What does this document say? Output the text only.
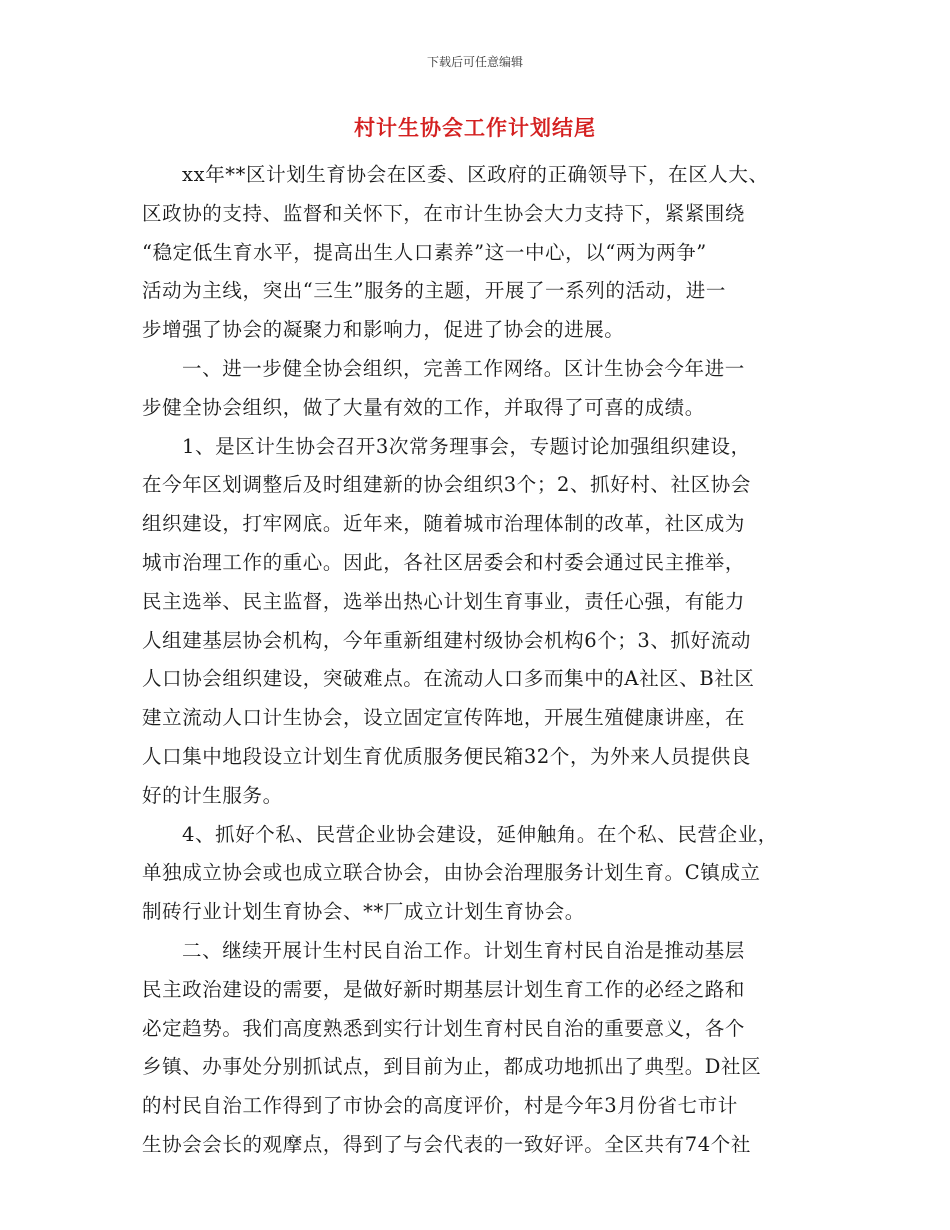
下载后可任意编辑
村计生协会工作计划结尾
xx年**区计划生育协会在区委、区政府的正确领导下，在区人大、
区政协的支持、监督和关怀下，在市计生协会大力支持下，紧紧围绕
“稳定低生育水平，提高出生人口素养”这一中心，以“两为两争”
活动为主线，突出“三生”服务的主题，开展了一系列的活动，进一
步增强了协会的凝聚力和影响力，促进了协会的进展。
一、进一步健全协会组织，完善工作网络。区计生协会今年进一
步健全协会组织，做了大量有效的工作，并取得了可喜的成绩。
1、是区计生协会召开3次常务理事会，专题讨论加强组织建设，
在今年区划调整后及时组建新的协会组织3个；2、抓好村、社区协会
组织建设，打牢网底。近年来，随着城市治理体制的改革，社区成为
城市治理工作的重心。因此，各社区居委会和村委会通过民主推举，
民主选举、民主监督，选举出热心计划生育事业，责任心强，有能力
人组建基层协会机构，今年重新组建村级协会机构6个；3、抓好流动
人口协会组织建设，突破难点。在流动人口多而集中的A社区、B社区
建立流动人口计生协会，设立固定宣传阵地，开展生殖健康讲座，在
人口集中地段设立计划生育优质服务便民箱32个，为外来人员提供良
好的计生服务。
4、抓好个私、民营企业协会建设，延伸触角。在个私、民营企业，
单独成立协会或也成立联合协会，由协会治理服务计划生育。C镇成立
制砖行业计划生育协会、**厂成立计划生育协会。
二、继续开展计生村民自治工作。计划生育村民自治是推动基层
民主政治建设的需要，是做好新时期基层计划生育工作的必经之路和
必定趋势。我们高度熟悉到实行计划生育村民自治的重要意义，各个
乡镇、办事处分别抓试点，到目前为止，都成功地抓出了典型。D社区
的村民自治工作得到了市协会的高度评价，村是今年3月份省七市计
生协会会长的观摩点，得到了与会代表的一致好评。全区共有74个社
